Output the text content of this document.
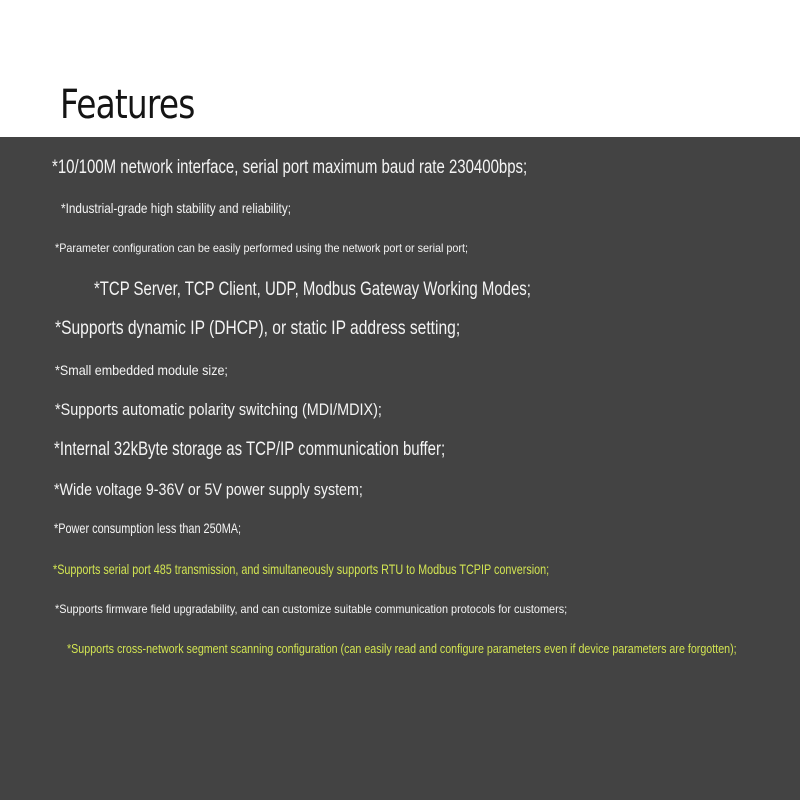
Features

*10/100M network interface, serial port maximum baud rate 230400bps;

*Industrial-grade high stability and reliability;

*Parameter configuration can be easily performed using the network port or serial port;

*TCP Server, TCP Client, UDP, Modbus Gateway Working Modes;

*Supports dynamic IP (DHCP), or static IP address setting;

*Small embedded module size;

*Supports automatic polarity switching (MDI/MDIX);

*Internal 32kByte storage as TCP/IP communication buffer;

*Wide voltage 9-36V or 5V power supply system;

*Power consumption less than 250MA;

*Supports serial port 485 transmission, and simultaneously supports RTU to Modbus TCPIP conversion;

*Supports firmware field upgradability, and can customize suitable communication protocols for customers;

*Supports cross-network segment scanning configuration (can easily read and configure parameters even if device parameters are forgotten);
